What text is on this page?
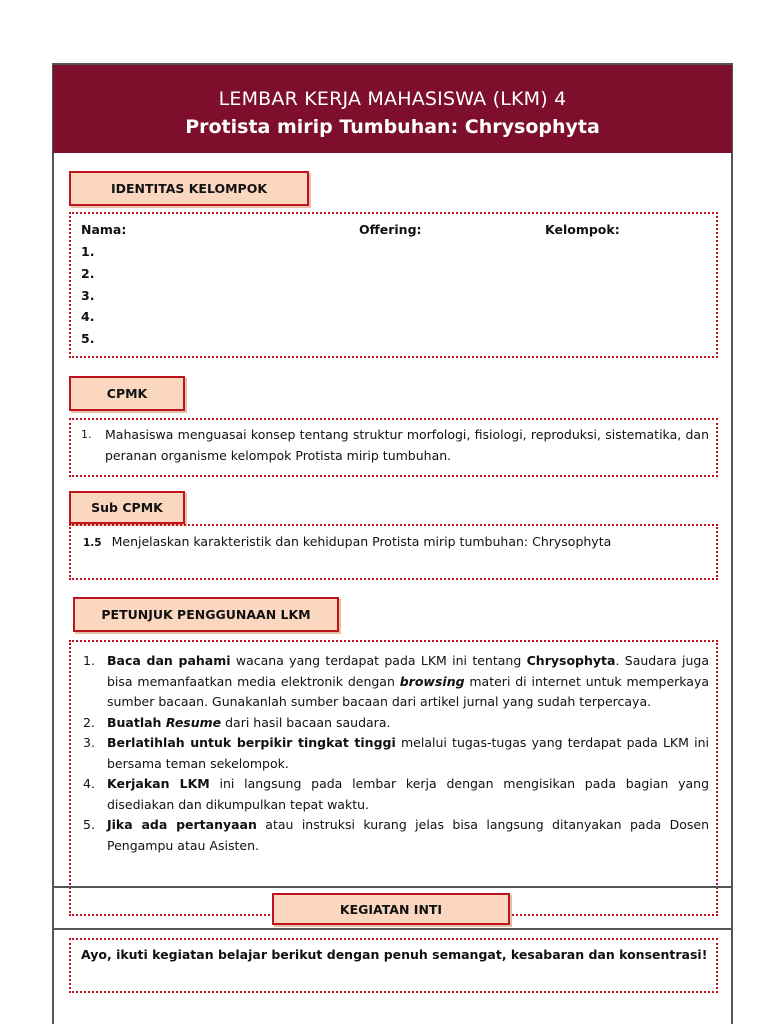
LEMBAR KERJA MAHASISWA (LKM) 4
Protista mirip Tumbuhan: Chrysophyta
IDENTITAS KELOMPOK
Nama:	Offering:	Kelompok:
1.
2.
3.
4.
5.
CPMK
1.	Mahasiswa menguasai konsep tentang struktur morfologi, fisiologi, reproduksi, sistematika, dan peranan organisme kelompok Protista mirip tumbuhan.
Sub CPMK
1.5 Menjelaskan karakteristik dan kehidupan Protista mirip tumbuhan: Chrysophyta
PETUNJUK PENGGUNAAN LKM
1. Baca dan pahami wacana yang terdapat pada LKM ini tentang Chrysophyta. Saudara juga bisa memanfaatkan media elektronik dengan browsing materi di internet untuk memperkaya sumber bacaan. Gunakanlah sumber bacaan dari artikel jurnal yang sudah terpercaya.
2. Buatlah Resume dari hasil bacaan saudara.
3. Berlatihlah untuk berpikir tingkat tinggi melalui tugas-tugas yang terdapat pada LKM ini bersama teman sekelompok.
4. Kerjakan LKM ini langsung pada lembar kerja dengan mengisikan pada bagian yang disediakan dan dikumpulkan tepat waktu.
5. Jika ada pertanyaan atau instruksi kurang jelas bisa langsung ditanyakan pada Dosen Pengampu atau Asisten.
KEGIATAN INTI
Ayo, ikuti kegiatan belajar berikut dengan penuh semangat, kesabaran dan konsentrasi!
